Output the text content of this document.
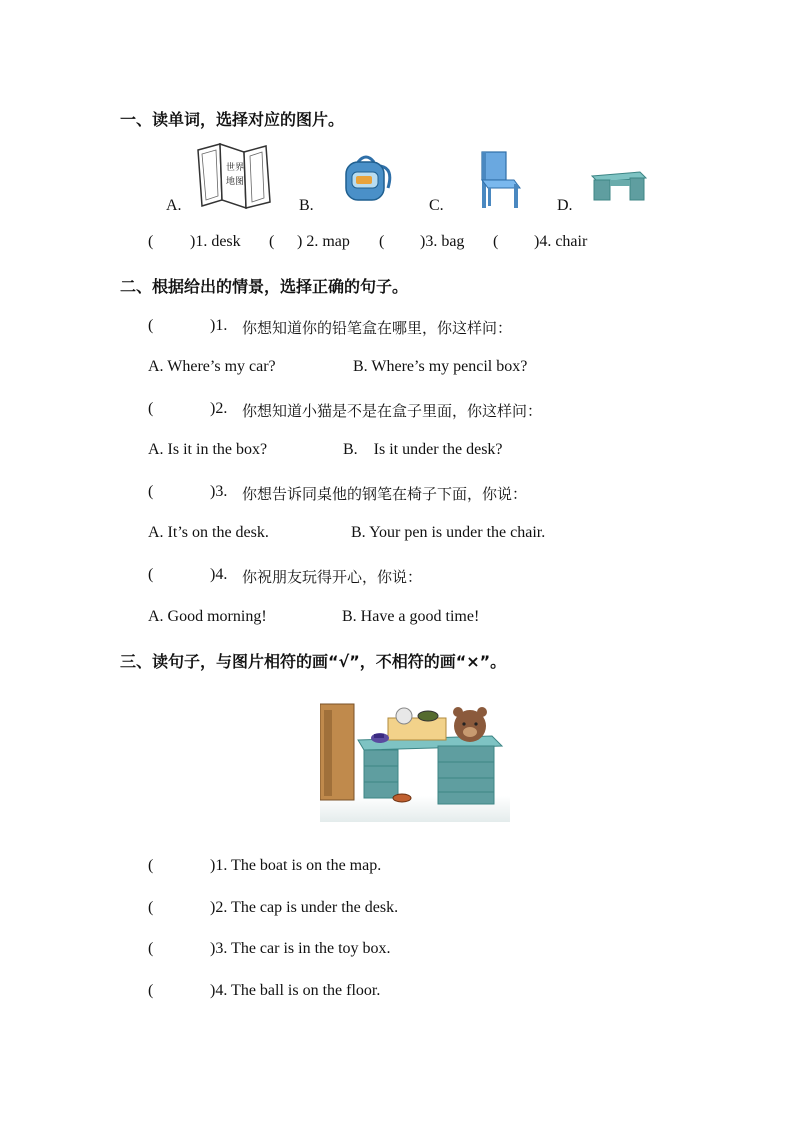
一、读单词，选择对应的图片。
A.
世界
地图
B.	C.	D.
( )1. desk ( ) 2. map ( )3. bag ( )4. chair
二、根据给出的情景，选择正确的句子。
(	)1. 你想知道你的铅笔盒在哪里，你这样问：
A. Where’s my car?	B. Where’s my pencil box?
(	)2. 你想知道小猫是不是在盒子里面，你这样问：
A. Is it in the box?	B.    Is it under the desk?
(	)3. 你想告诉同桌他的钢笔在椅子下面，你说：
A. It’s on the desk.	B. Your pen is under the chair.
(	)4. 你祝朋友玩得开心，你说：
A. Good morning!	B. Have a good time!
三、读句子，与图片相符的画“√”，不相符的画“×”。
(	)1. The boat is on the map.
(	)2. The cap is under the desk.
(	)3. The car is in the toy box.
(	)4. The ball is on the floor.
